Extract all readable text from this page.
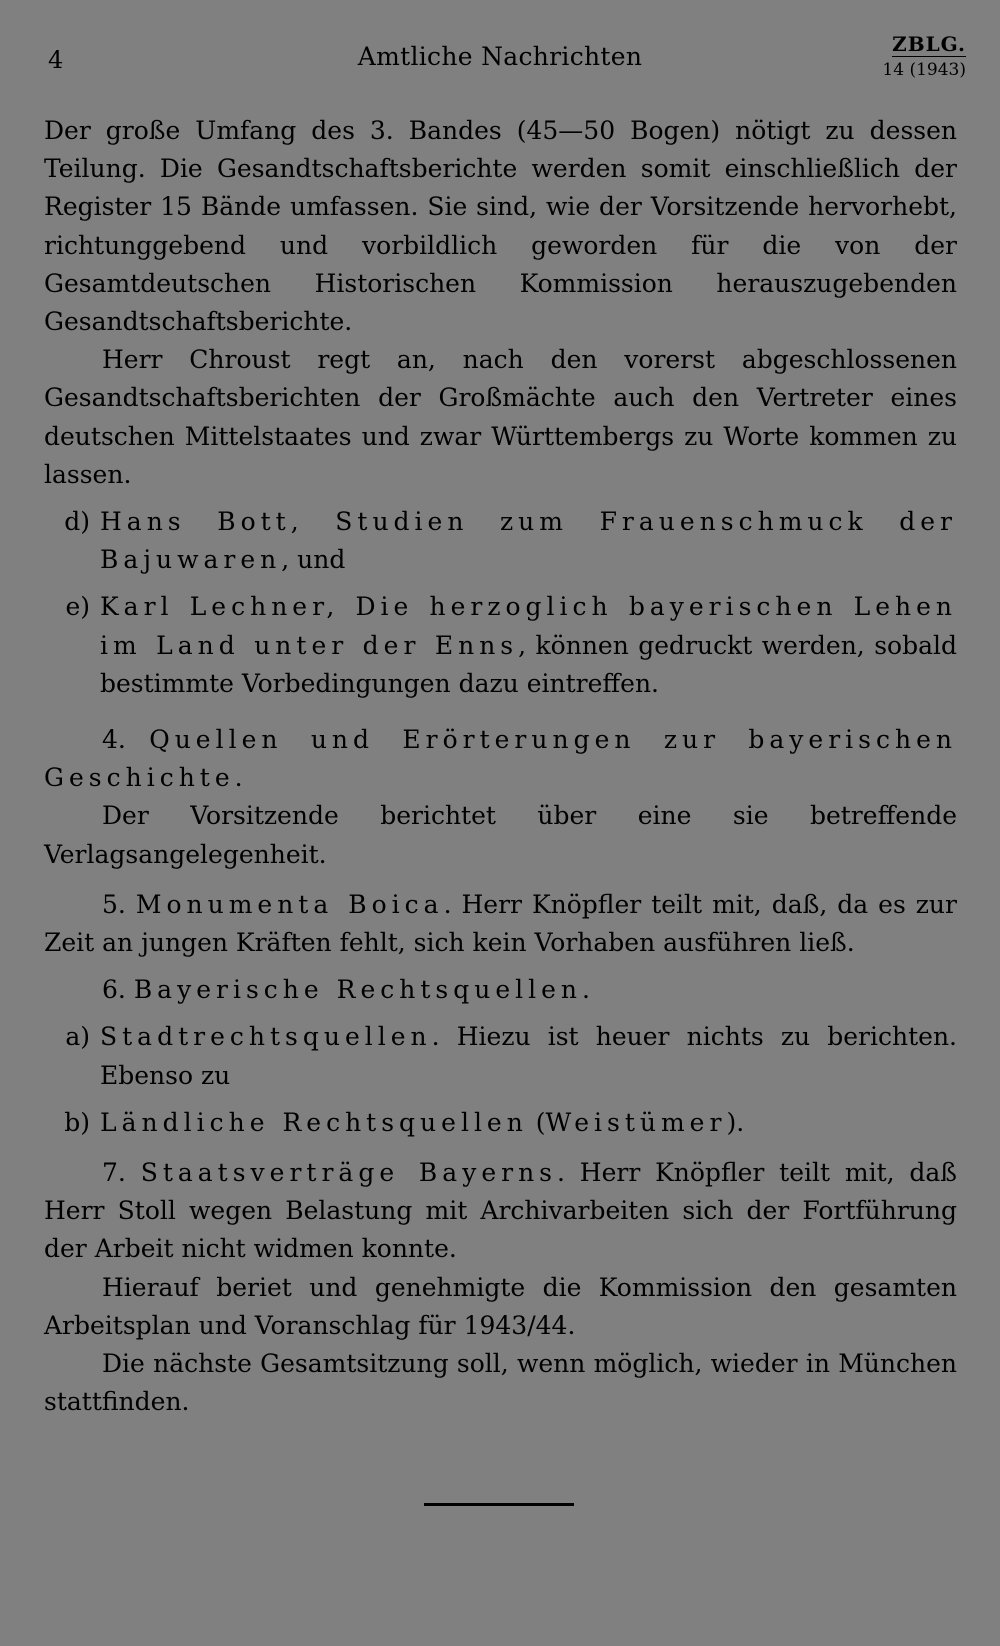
4	Amtliche Nachrichten	ZBLG.
14 (1943)

Der große Umfang des 3. Bandes (45—50 Bogen) nötigt zu dessen Teilung. Die Gesandtschaftsberichte werden somit einschließlich der Register 15 Bände umfassen. Sie sind, wie der Vorsitzende hervorhebt, richtunggebend und vorbildlich geworden für die von der Gesamtdeutschen Historischen Kommission herauszugebenden Gesandtschaftsberichte.

Herr Chroust regt an, nach den vorerst abgeschlossenen Gesandtschaftsberichten der Großmächte auch den Vertreter eines deutschen Mittelstaates und zwar Württembergs zu Worte kommen zu lassen.

d) Hans Bott, Studien zum Frauenschmuck der Bajuwaren, und
e) Karl Lechner, Die herzoglich bayerischen Lehen im Land unter der Enns, können gedruckt werden, sobald bestimmte Vorbedingungen dazu eintreffen.

4. Quellen und Erörterungen zur bayerischen Geschichte.

Der Vorsitzende berichtet über eine sie betreffende Verlagsangelegenheit.

5. Monumenta Boica. Herr Knöpfler teilt mit, daß, da es zur Zeit an jungen Kräften fehlt, sich kein Vorhaben ausführen ließ.

6. Bayerische Rechtsquellen.

a) Stadtrechtsquellen. Hiezu ist heuer nichts zu berichten. Ebenso zu
b) Ländliche Rechtsquellen (Weistümer).

7. Staatsverträge Bayerns. Herr Knöpfler teilt mit, daß Herr Stoll wegen Belastung mit Archivarbeiten sich der Fortführung der Arbeit nicht widmen konnte.

Hierauf beriet und genehmigte die Kommission den gesamten Arbeitsplan und Voranschlag für 1943/44.

Die nächste Gesamtsitzung soll, wenn möglich, wieder in München stattfinden.
